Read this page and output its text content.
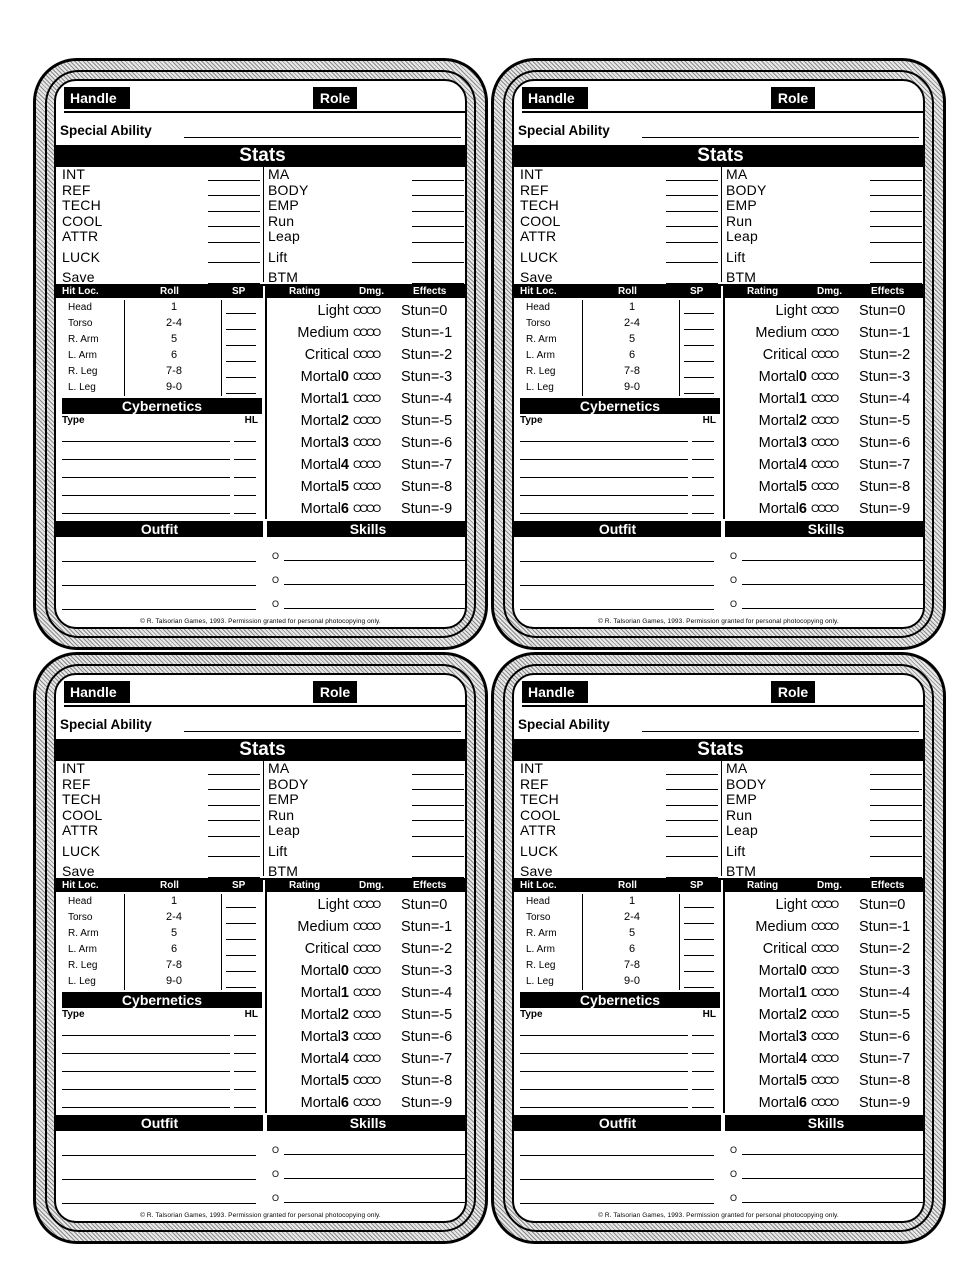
Handle	Role
Special Ability
Stats
INT
REF
TECH
COOL
ATTR
LUCK
Save
MA
BODY
EMP
Run
Leap
Lift
BTM
Hit Loc.	Roll	SP	Rating	Dmg.	Effects
Head	1
Torso	2-4
R. Arm	5
L. Arm	6
R. Leg	7-8
L. Leg	9-0
Cybernetics
Type	HL
Light OOOO Stun=0
Medium OOOO Stun=-1
Critical OOOO Stun=-2
Mortal0 OOOO Stun=-3
Mortal1 OOOO Stun=-4
Mortal2 OOOO Stun=-5
Mortal3 OOOO Stun=-6
Mortal4 OOOO Stun=-7
Mortal5 OOOO Stun=-8
Mortal6 OOOO Stun=-9
Outfit	Skills
O
O
O
© R. Talsorian Games, 1993. Permission granted for personal photocopying only.
Handle	Role
Special Ability
Stats
INT
REF
TECH
COOL
ATTR
LUCK
Save
MA
BODY
EMP
Run
Leap
Lift
BTM
Hit Loc.	Roll	SP	Rating	Dmg.	Effects
Head	1
Torso	2-4
R. Arm	5
L. Arm	6
R. Leg	7-8
L. Leg	9-0
Cybernetics
Type	HL
Light OOOO Stun=0
Medium OOOO Stun=-1
Critical OOOO Stun=-2
Mortal0 OOOO Stun=-3
Mortal1 OOOO Stun=-4
Mortal2 OOOO Stun=-5
Mortal3 OOOO Stun=-6
Mortal4 OOOO Stun=-7
Mortal5 OOOO Stun=-8
Mortal6 OOOO Stun=-9
Outfit	Skills
O
O
O
© R. Talsorian Games, 1993. Permission granted for personal photocopying only.
Handle	Role
Special Ability
Stats
INT
REF
TECH
COOL
ATTR
LUCK
Save
MA
BODY
EMP
Run
Leap
Lift
BTM
Hit Loc.	Roll	SP	Rating	Dmg.	Effects
Head	1
Torso	2-4
R. Arm	5
L. Arm	6
R. Leg	7-8
L. Leg	9-0
Cybernetics
Type	HL
Light OOOO Stun=0
Medium OOOO Stun=-1
Critical OOOO Stun=-2
Mortal0 OOOO Stun=-3
Mortal1 OOOO Stun=-4
Mortal2 OOOO Stun=-5
Mortal3 OOOO Stun=-6
Mortal4 OOOO Stun=-7
Mortal5 OOOO Stun=-8
Mortal6 OOOO Stun=-9
Outfit	Skills
O
O
O
© R. Talsorian Games, 1993. Permission granted for personal photocopying only.
Handle	Role
Special Ability
Stats
INT
REF
TECH
COOL
ATTR
LUCK
Save
MA
BODY
EMP
Run
Leap
Lift
BTM
Hit Loc.	Roll	SP	Rating	Dmg.	Effects
Head	1
Torso	2-4
R. Arm	5
L. Arm	6
R. Leg	7-8
L. Leg	9-0
Cybernetics
Type	HL
Light OOOO Stun=0
Medium OOOO Stun=-1
Critical OOOO Stun=-2
Mortal0 OOOO Stun=-3
Mortal1 OOOO Stun=-4
Mortal2 OOOO Stun=-5
Mortal3 OOOO Stun=-6
Mortal4 OOOO Stun=-7
Mortal5 OOOO Stun=-8
Mortal6 OOOO Stun=-9
Outfit	Skills
O
O
O
© R. Talsorian Games, 1993. Permission granted for personal photocopying only.
